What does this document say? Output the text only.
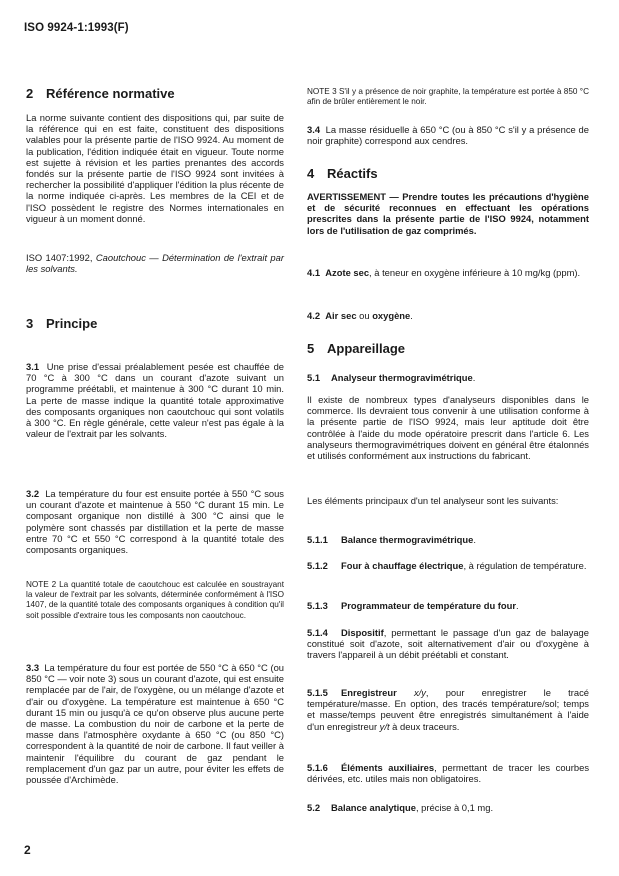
ISO 9924-1:1993(F)
2 Référence normative
La norme suivante contient des dispositions qui, par suite de la référence qui en est faite, constituent des dispositions valables pour la présente partie de l'ISO 9924. Au moment de la publication, l'édition indiquée était en vigueur. Toute norme est sujette à révision et les parties prenantes des accords fondés sur la présente partie de l'ISO 9924 sont invitées à rechercher la possibilité d'appliquer l'édition la plus récente de la norme indiquée ci-après. Les membres de la CEI et de l'ISO possèdent le registre des Normes internationales en vigueur à un moment donné.
ISO 1407:1992, Caoutchouc — Détermination de l'extrait par les solvants.
3 Principe
3.1 Une prise d'essai préalablement pesée est chauffée de 70 °C à 300 °C dans un courant d'azote suivant un programme préétabli, et maintenue à 300 °C durant 10 min. La perte de masse indique la quantité totale approximative des composants organiques non caoutchouc qui sont volatils à 300 °C. En règle générale, cette valeur n'est pas égale à la valeur de l'extrait par les solvants.
3.2 La température du four est ensuite portée à 550 °C sous un courant d'azote et maintenue à 550 °C durant 15 min. Le composant organique non distillé à 300 °C ainsi que le polymère sont chassés par distillation et la perte de masse entre 70 °C et 550 °C correspond à la quantité totale des composants organiques.
NOTE 2 La quantité totale de caoutchouc est calculée en soustrayant la valeur de l'extrait par les solvants, déterminée conformément à l'ISO 1407, de la quantité totale des composants organiques à condition qu'il soit possible d'extraire tous les composants non caoutchouc.
3.3 La température du four est portée de 550 °C à 650 °C (ou 850 °C — voir note 3) sous un courant d'azote, qui est ensuite remplacée par de l'air, de l'oxygène, ou un mélange d'azote et d'air ou d'oxygène. La température est maintenue à 650 °C durant 15 min ou jusqu'à ce qu'on observe plus aucune perte de masse. La combustion du noir de carbone et la perte de masse dans l'atmosphère oxydante à 650 °C (ou 850 °C) correspondent à la quantité de noir de carbone. Il faut veiller à maintenir l'équilibre du courant de gaz pendant le remplacement d'un gaz par un autre, pour éviter les effets de poussée d'Archimède.
NOTE 3 S'il y a présence de noir graphite, la température est portée à 850 °C afin de brûler entièrement le noir.
3.4 La masse résiduelle à 650 °C (ou à 850 °C s'il y a présence de noir graphite) correspond aux cendres.
4 Réactifs
AVERTISSEMENT — Prendre toutes les précautions d'hygiène et de sécurité reconnues en effectuant les opérations prescrites dans la présente partie de l'ISO 9924, notamment lors de l'utilisation de gaz comprimés.
4.1 Azote sec, à teneur en oxygène inférieure à 10 mg/kg (ppm).
4.2 Air sec ou oxygène.
5 Appareillage
5.1 Analyseur thermogravimétrique.
Il existe de nombreux types d'analyseurs disponibles dans le commerce. Ils devraient tous convenir à une utilisation conforme à la présente partie de l'ISO 9924, mais leur aptitude doit être contrôlée à l'aide du mode opératoire prescrit dans l'article 6. Les analyseurs thermogravimétriques doivent en général être étalonnés et utilisés conformément aux instructions du fabricant.
Les éléments principaux d'un tel analyseur sont les suivants:
5.1.1 Balance thermogravimétrique.
5.1.2 Four à chauffage électrique, à régulation de température.
5.1.3 Programmateur de température du four.
5.1.4 Dispositif, permettant le passage d'un gaz de balayage constitué soit d'azote, soit alternativement d'air ou d'oxygène à travers l'appareil à un débit préétabli et constant.
5.1.5 Enregistreur x/y, pour enregistrer le tracé température/masse. En option, des tracés température/sol; temps et masse/temps peuvent être enregistrés simultanément à l'aide d'un enregistreur y/t à deux traceurs.
5.1.6 Éléments auxiliaires, permettant de tracer les courbes dérivées, etc. utiles mais non obligatoires.
5.2 Balance analytique, précise à 0,1 mg.
2
